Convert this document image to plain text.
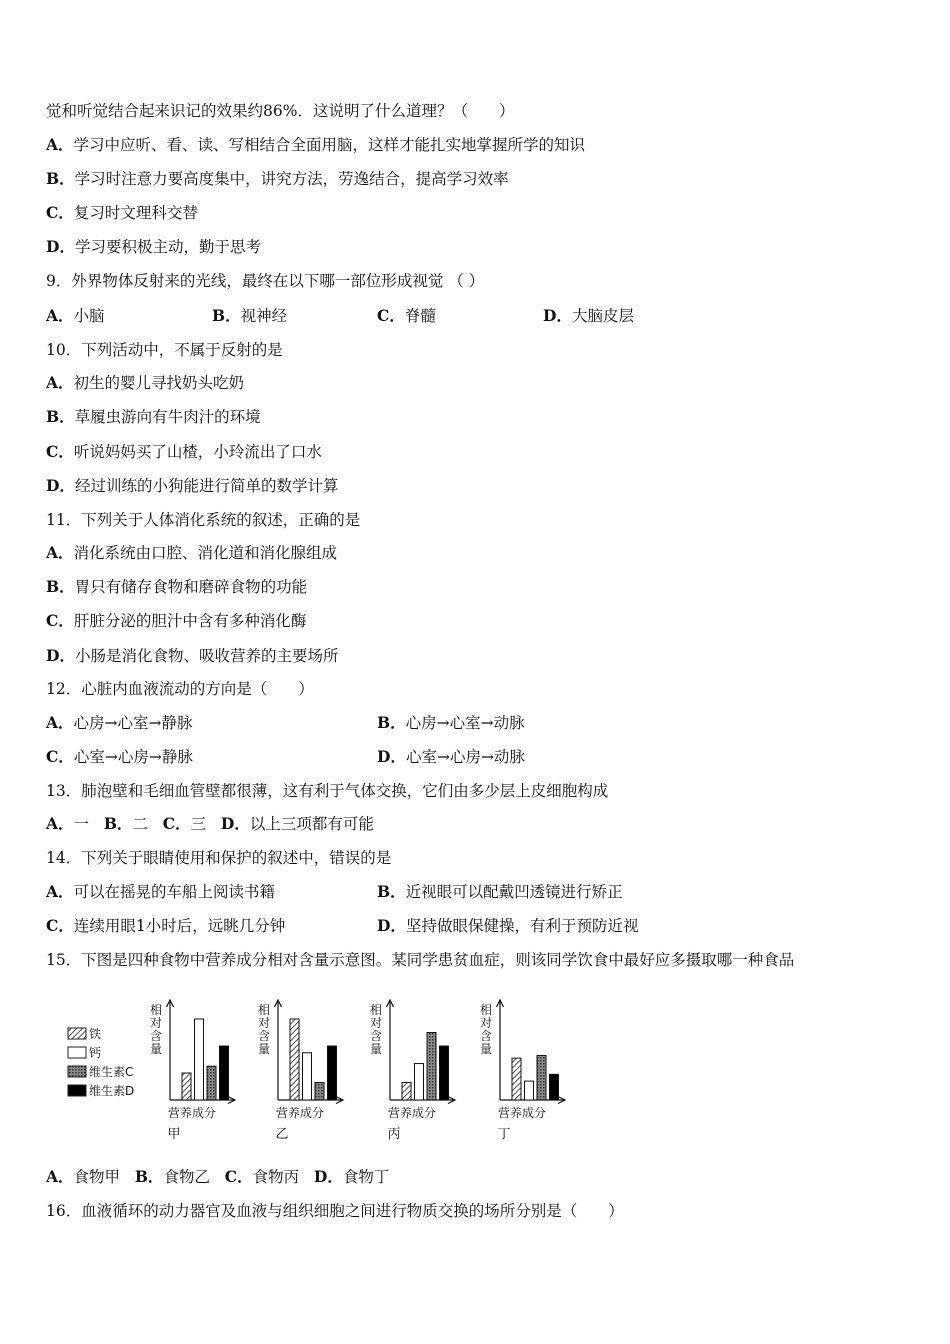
觉和听觉结合起来识记的效果约86%．这说明了什么道理？（　　）
A．学习中应听、看、读、写相结合全面用脑，这样才能扎实地掌握所学的知识
B．学习时注意力要高度集中，讲究方法，劳逸结合，提高学习效率
C．复习时文理科交替
D．学习要积极主动，勤于思考
9．外界物体反射来的光线，最终在以下哪一部位形成视觉 （ ）
A．小脑	B．视神经	C．脊髓	D．大脑皮层
10．下列活动中，不属于反射的是
A．初生的婴儿寻找奶头吃奶
B．草履虫游向有牛肉汁的环境
C．听说妈妈买了山楂，小玲流出了口水
D．经过训练的小狗能进行简单的数学计算
11．下列关于人体消化系统的叙述，正确的是
A．消化系统由口腔、消化道和消化腺组成
B．胃只有储存食物和磨碎食物的功能
C．肝脏分泌的胆汁中含有多种消化酶
D．小肠是消化食物、吸收营养的主要场所
12．心脏内血液流动的方向是（　　）
A．心房→心室→静脉	B．心房→心室→动脉
C．心室→心房→静脉	D．心室→心房→动脉
13．肺泡壁和毛细血管壁都很薄，这有利于气体交换，它们由多少层上皮细胞构成
A．一 B．二 C．三 D．以上三项都有可能
14．下列关于眼睛使用和保护的叙述中，错误的是
A．可以在摇晃的车船上阅读书籍	B．近视眼可以配戴凹透镜进行矫正
C．连续用眼1小时后，远眺几分钟	D．坚持做眼保健操，有利于预防近视
15．下图是四种食物中营养成分相对含量示意图。某同学患贫血症，则该同学饮食中最好应多摄取哪一种食品
铁
钙
维生素C
维生素D
相
对
含
量
营养成分
甲
相
对
含
量
营养成分
乙
相
对
含
量
营养成分
丙
相
对
含
量
营养成分
丁
A．食物甲 B．食物乙 C．食物丙 D．食物丁
16．血液循环的动力器官及血液与组织细胞之间进行物质交换的场所分别是（　　）
